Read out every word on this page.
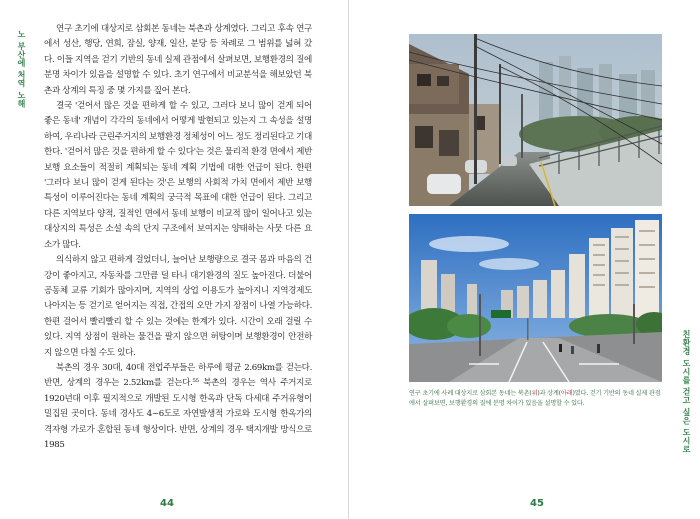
노 부산에 처역 노해

연구 초기에 대상지로 삼회본 동네는 북촌과 상계였다. 그리고 후속 연구에서 성산, 행당, 연희, 잠실, 양재, 일산, 분당 등 차례로 그 범위를 넓혀 갔다. 이들 지역을 걷기 기반의 동네 실제 관점에서 살펴보면, 보행환경의 질에 분명 차이가 있음을 설명할 수 있다. 초기 연구에서 비교분석을 해보았던 북촌과 상계의 특징 중 몇 가지를 짚어 본다.

결국 '걷어서 많은 것을 편하게 할 수 있고, 그러다 보니 많이 걷게 되어 좋은 동네' 개념이 각각의 동네에서 어떻게 발현되고 있는지 그 속성을 설명하여, 우리나라 근린주거지의 보행환경 정체성이 어느 정도 정리된다고 기대한다. '걷어서 많은 것을 편하게 할 수 있다'는 것은 물리적 환경 면에서 제반 보행 요소들이 적절히 계획되는 동네 계획 기법에 대한 언급이 된다. 한편 '그러다 보니 많이 걷게 된다는 것'은 보행의 사회적 가치 면에서 제반 보행 특성이 이루어진다는 동네 계획의 궁극적 목표에 대한 언급이 된다. 그리고 다른 지역보다 양적, 질적인 면에서 동네 보행이 비교적 많이 일어나고 있는 대상지의 특성은 소설 속의 단지 구조에서 보여지는 양태하는 사뭇 다른 요소가 많다.

의식하지 않고 편하게 걸었더니, 늘어난 보행량으로 결국 몸과 마음의 건강이 좋아지고, 자동차를 그만큼 덜 타니 대기환경의 질도 높아진다. 더불어 공동체 교류 기회가 많아지며, 지역의 상업 이용도가 높아지니 지역경제도 나아지는 등 걷기로 얻어지는 직접, 간접의 오만 가지 장점이 나열 가능하다. 한편 걸어서 빨리빨리 할 수 있는 것에는 한계가 있다. 시간이 오래 걸릴 수 있다. 지역 상점이 원하는 물건을 팔지 않으면 허탕이며 보행환경이 안전하지 않으면 다칠 수도 있다.

북촌의 경우 30대, 40대 전업주부들은 하루에 평균 2.69km를 걷는다. 반면, 상계의 경우는 2.52km를 걷는다.⁵⁵ 북촌의 경우는 역사 주거지로 1920년대 이후 필지적으로 개발된 도시형 한옥과 단독 다세대 주거유형이 밀집된 곳이다. 동네 경사도 4~6도로 자연발생적 가로와 도시형 한옥가의 격자형 가로가 혼합된 동네 형상이다. 반면, 상계의 경우 택지개발 방식으로 1985

44	45
연구 초기에 사례 대상지로 삼회본 동네는 북촌(위)과 상계(아래)였다. 걷기 기반의 동네 실제 관점에서 살펴보면, 보행환경의 질에 분명 차이가 있음을 설명할 수 있다.	친환경 도시를 걷고 싶은 도시로
